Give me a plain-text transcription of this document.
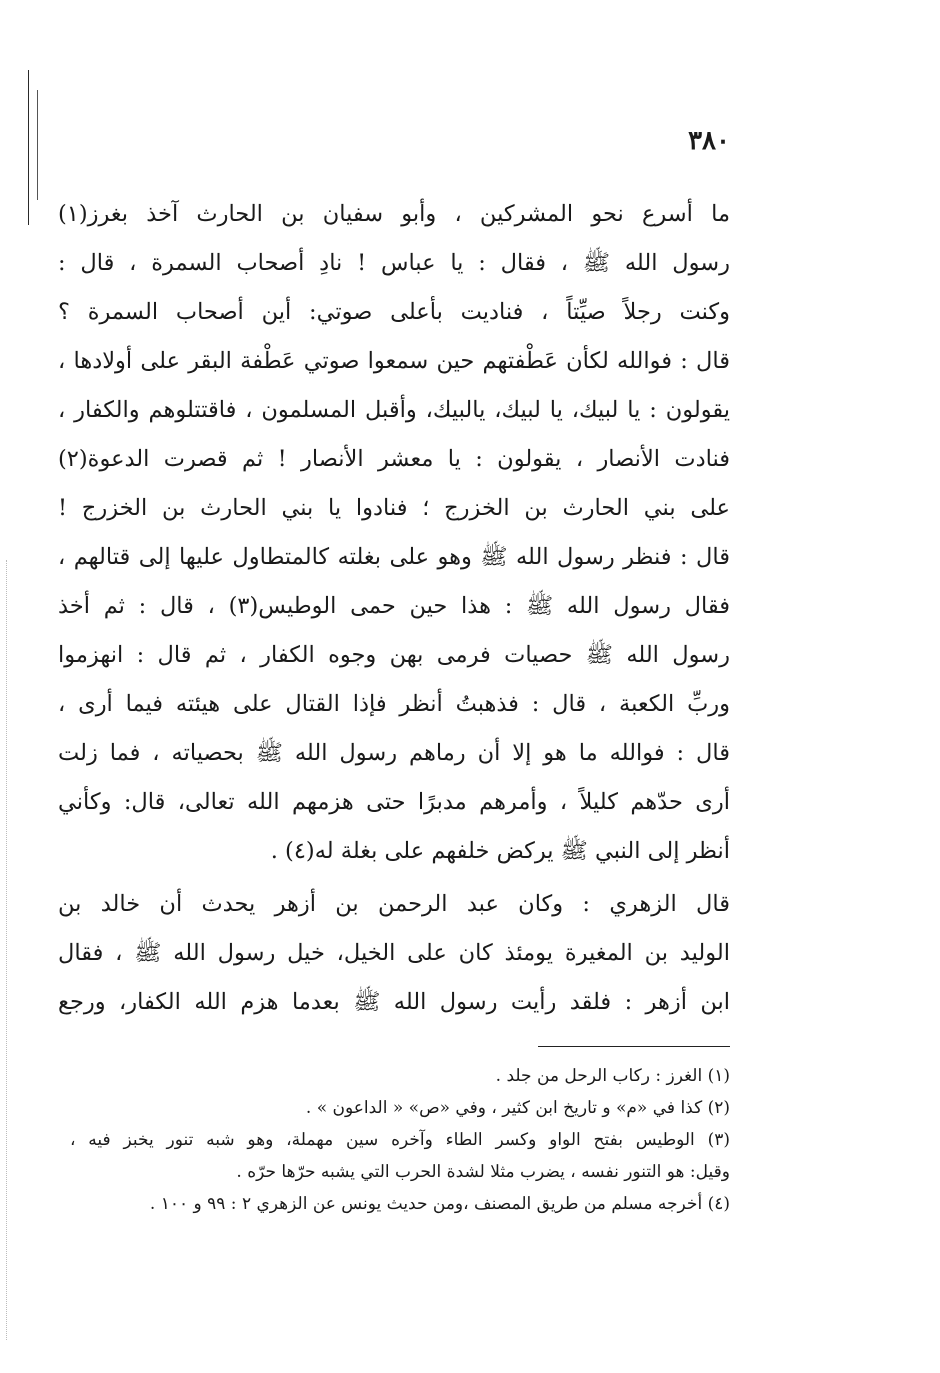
٣٨٠
ما أسرع نحو المشركين ، وأبو سفيان بن الحارث آخذ بغرز(١)
رسول الله ﷺ ، فقال : يا عباس ! نادِ أصحاب السمرة ، قال :
وكنت رجلاً صيِّتاً ، فناديت بأعلى صوتي: أين أصحاب السمرة ؟
قال : فوالله لكأن عَطْفتهم حين سمعوا صوتي عَطْفة البقر على أولادها ،
يقولون : يا لبيك، يا لبيك، يالبيك، وأقبل المسلمون ، فاقتتلوهم والكفار ،
فنادت الأنصار ، يقولون : يا معشر الأنصار ! ثم قصرت الدعوة(٢)
على بني الحارث بن الخزرج ؛ فنادوا يا بني الحارث بن الخزرج !
قال : فنظر رسول الله ﷺ وهو على بغلته كالمتطاول عليها إلى قتالهم ،
فقال رسول الله ﷺ : هذا حين حمى الوطيس(٣) ، قال : ثم أخذ
رسول الله ﷺ حصيات فرمى بهن وجوه الكفار ، ثم قال : انهزموا
وربِّ الكعبة ، قال : فذهبتُ أنظر فإذا القتال على هيئته فيما أرى ،
قال : فوالله ما هو إلا أن رماهم رسول الله ﷺ بحصياته ، فما زلت
أرى حدّهم كليلاً ، وأمرهم مدبرًا حتى هزمهم الله تعالى، قال: وكأني
أنظر إلى النبي ﷺ يركض خلفهم على بغلة له(٤) .
قال الزهري : وكان عبد الرحمن بن أزهر يحدث أن خالد بن
الوليد بن المغيرة يومئذ كان على الخيل، خيل رسول الله ﷺ ، فقال
ابن أزهر : فلقد رأيت رسول الله ﷺ بعدما هزم الله الكفار، ورجع
(١) الغرز : ركاب الرحل من جلد .
(٢) كذا في «م» و تاريخ ابن كثير ، وفي «ص» « الداعون » .
(٣) الوطيس بفتح الواو وكسر الطاء وآخره سين مهملة، وهو شبه تنور يخبز فيه ،
وقيل: هو التنور نفسه ، يضرب مثلا لشدة الحرب التي يشبه حرّها حرّه .
(٤) أخرجه مسلم من طريق المصنف ،ومن حديث يونس عن الزهري ٢ : ٩٩ و ١٠٠ .
